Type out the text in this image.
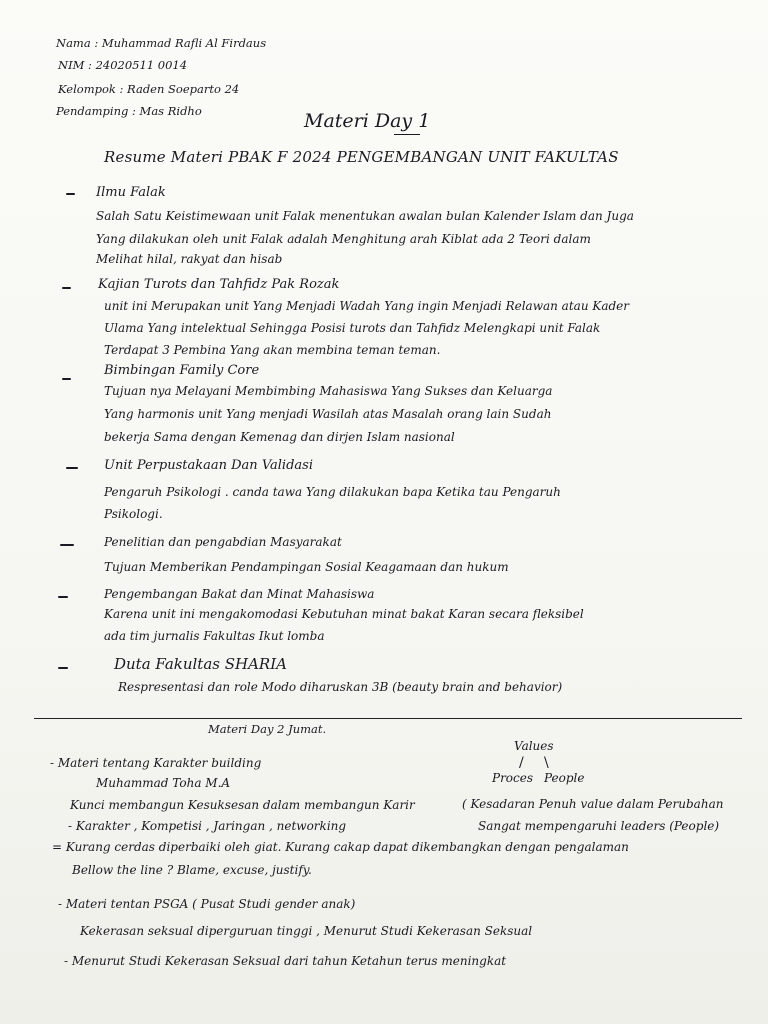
Nama : Muhammad Rafli Al Firdaus
NIM : 24020511 0014
Kelompok : Raden Soeparto 24
Pendamping : Mas Ridho	Materi Day 1
Resume Materi PBAK F 2024 PENGEMBANGAN UNIT FAKULTAS
Ilmu Falak
Salah Satu Keistimewaan unit Falak menentukan awalan bulan Kalender Islam dan Juga
Yang dilakukan oleh unit Falak adalah Menghitung arah Kiblat ada 2 Teori dalam
Melihat hilal, rakyat dan hisab
Kajian Turots dan Tahfidz Pak Rozak
unit ini Merupakan unit Yang Menjadi Wadah Yang ingin Menjadi Relawan atau Kader
Ulama Yang intelektual Sehingga Posisi turots dan Tahfidz Melengkapi unit Falak
Terdapat 3 Pembina Yang akan membina teman teman.
Bimbingan Family Core
Tujuan nya Melayani Membimbing Mahasiswa Yang Sukses dan Keluarga
Yang harmonis unit Yang menjadi Wasilah atas Masalah orang lain Sudah
bekerja Sama dengan Kemenag dan dirjen Islam nasional
Unit Perpustakaan Dan Validasi
Pengaruh Psikologi . canda tawa Yang dilakukan bapa Ketika tau Pengaruh
Psikologi.
Penelitian dan pengabdian Masyarakat
Tujuan Memberikan Pendampingan Sosial Keagamaan dan hukum
Pengembangan Bakat dan Minat Mahasiswa
Karena unit ini mengakomodasi Kebutuhan minat bakat Karan secara fleksibel
ada tim jurnalis Fakultas Ikut lomba
Duta Fakultas SHARIA
Respresentasi dan role Modo diharuskan 3B (beauty brain and behavior)
Materi Day 2 Jumat.
Values
/ \
Proces People
- Materi tentang Karakter building
Muhammad Toha M.A
Kunci membangun Kesuksesan dalam membangun Karir
- Karakter , Kompetisi , Jaringan , networking
( Kesadaran Penuh value dalam Perubahan
Sangat mempengaruhi leaders (People)
= Kurang cerdas diperbaiki oleh giat. Kurang cakap dapat dikembangkan dengan pengalaman
Bellow the line ? Blame, excuse, justify.
- Materi tentan PSGA ( Pusat Studi gender anak)
Kekerasan seksual diperguruan tinggi , Menurut Studi Kekerasan Seksual
- Menurut Studi Kekerasan Seksual dari tahun Ketahun terus meningkat
